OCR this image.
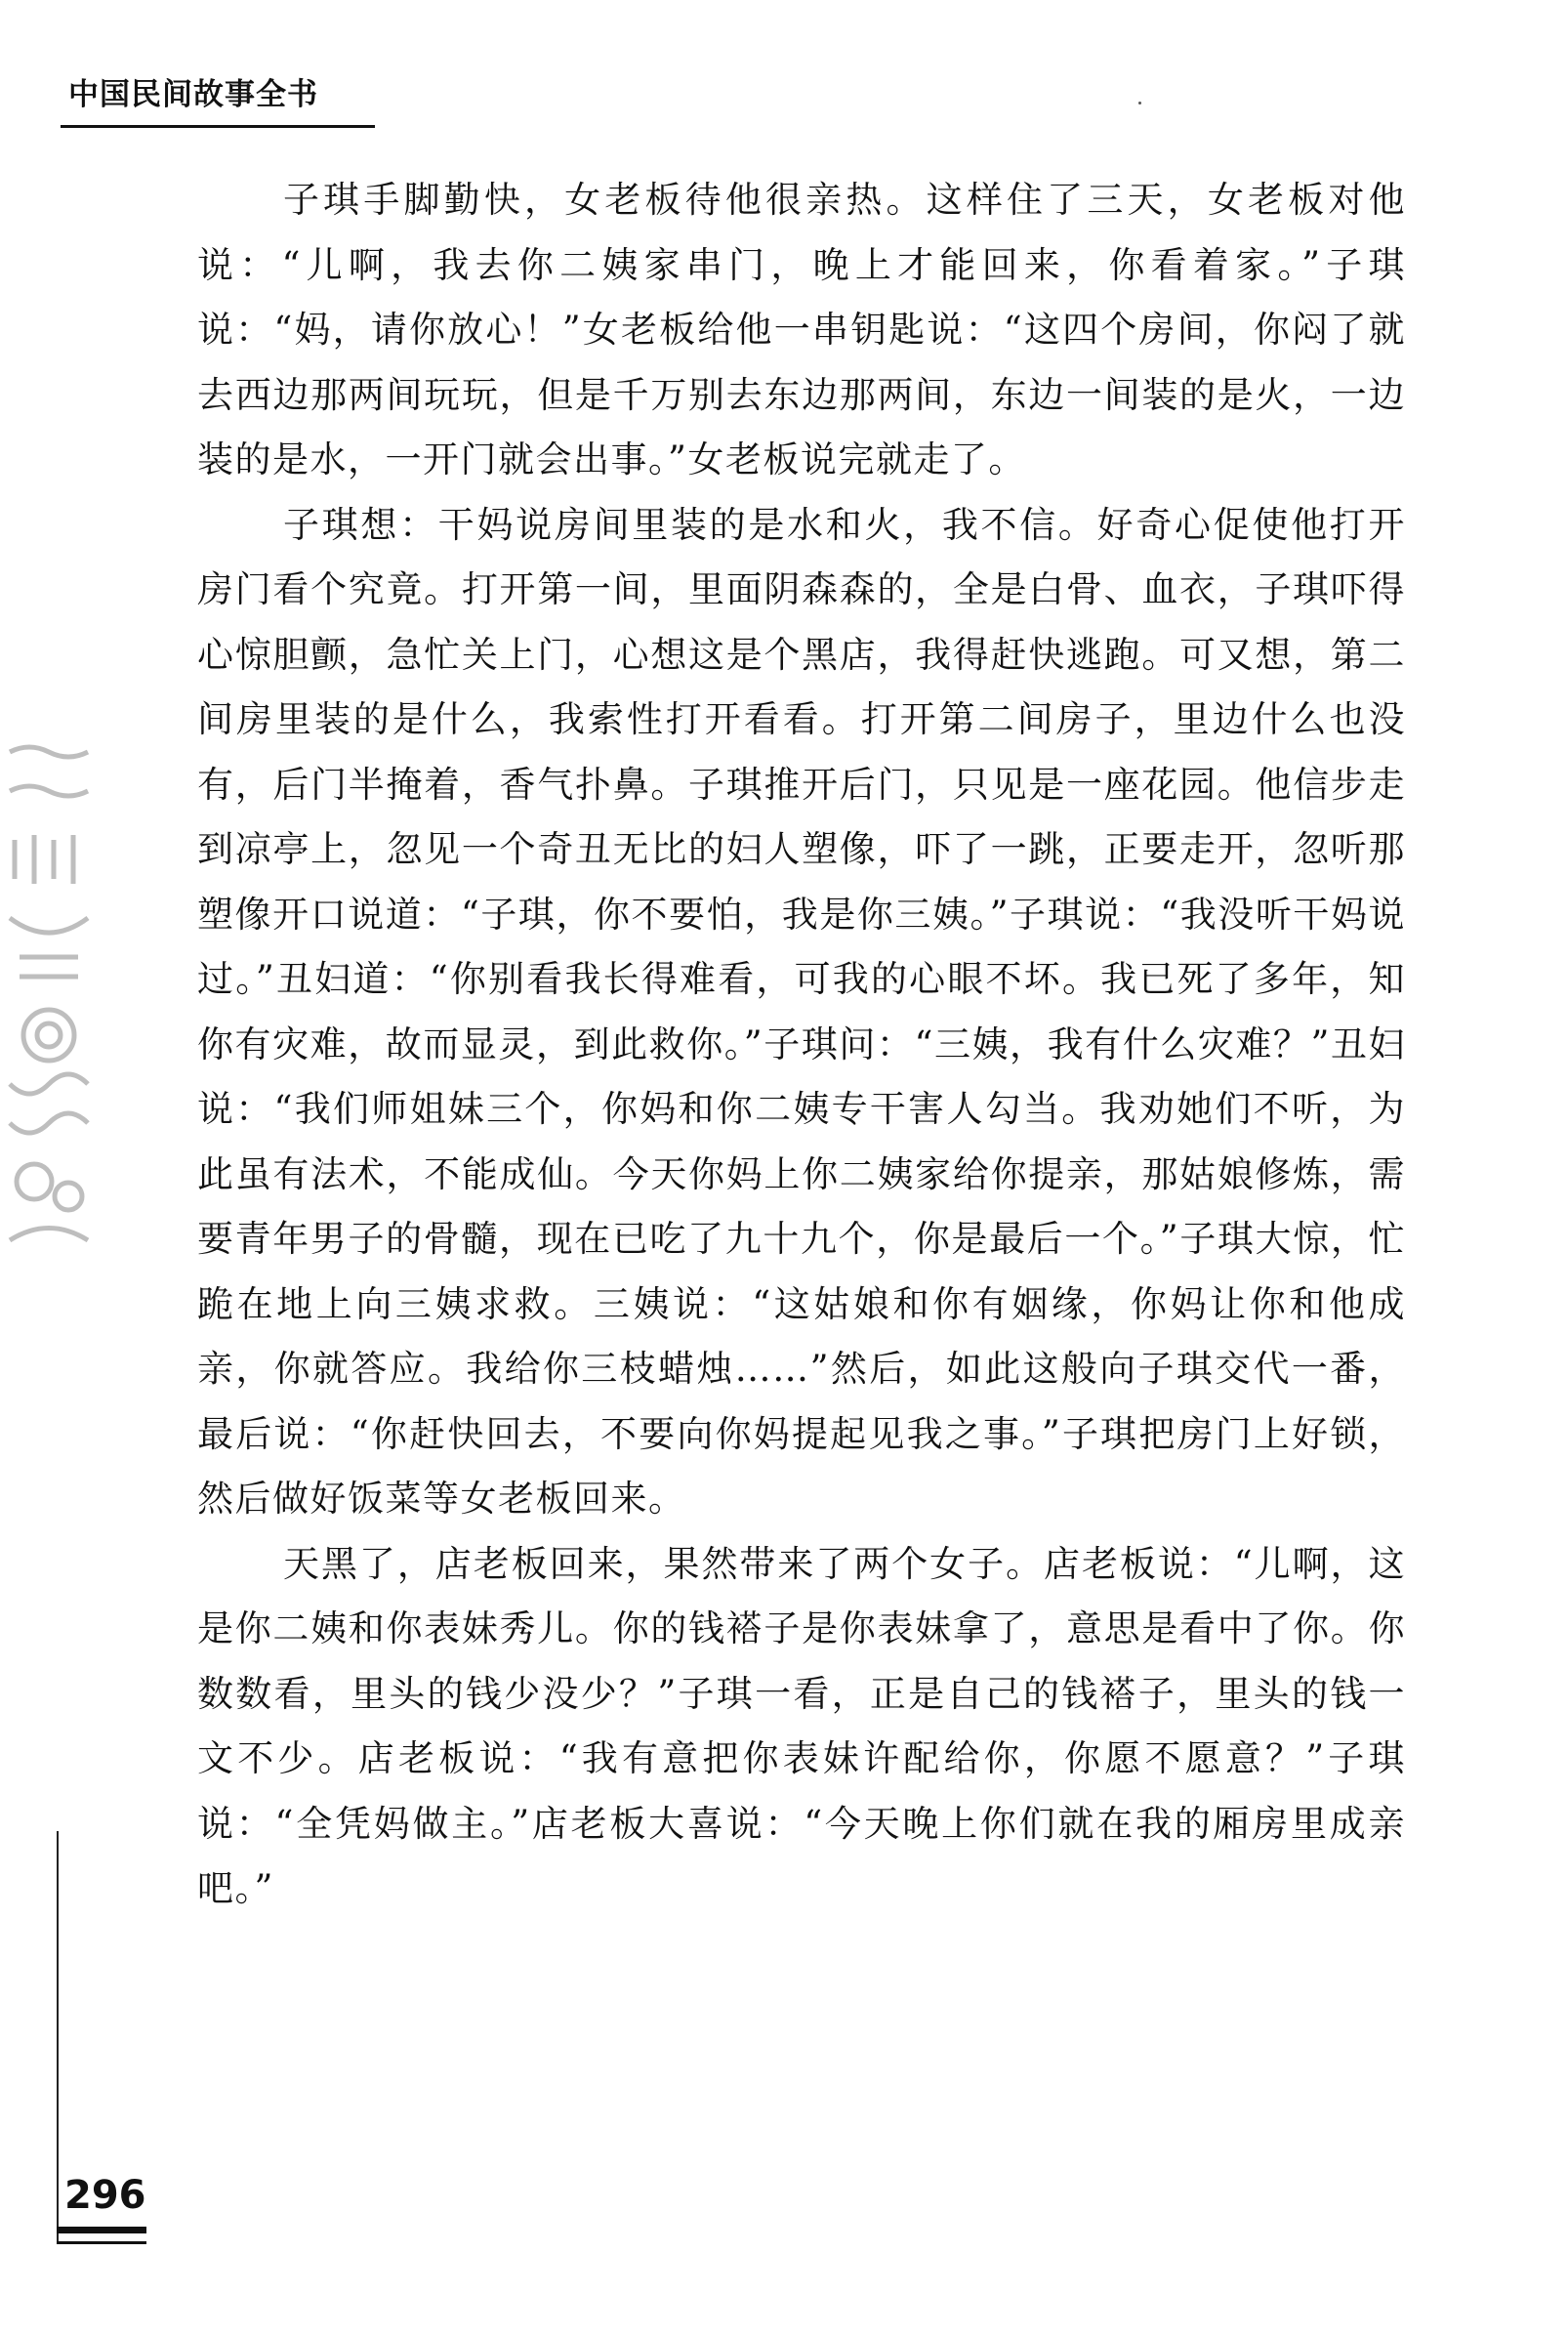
中国民间故事全书

子琪手脚勤快，女老板待他很亲热。这样住了三天，女老板对他说：“儿啊，我去你二姨家串门，晚上才能回来，你看着家。”子琪说：“妈，请你放心！”女老板给他一串钥匙说：“这四个房间，你闷了就去西边那两间玩玩，但是千万别去东边那两间，东边一间装的是火，一边装的是水，一开门就会出事。”女老板说完就走了。

子琪想：干妈说房间里装的是水和火，我不信。好奇心促使他打开房门看个究竟。打开第一间，里面阴森森的，全是白骨、血衣，子琪吓得心惊胆颤，急忙关上门，心想这是个黑店，我得赶快逃跑。可又想，第二间房里装的是什么，我索性打开看看。打开第二间房子，里边什么也没有，后门半掩着，香气扑鼻。子琪推开后门，只见是一座花园。他信步走到凉亭上，忽见一个奇丑无比的妇人塑像，吓了一跳，正要走开，忽听那塑像开口说道：“子琪，你不要怕，我是你三姨。”子琪说：“我没听干妈说过。”丑妇道：“你别看我长得难看，可我的心眼不坏。我已死了多年，知你有灾难，故而显灵，到此救你。”子琪问：“三姨，我有什么灾难？”丑妇说：“我们师姐妹三个，你妈和你二姨专干害人勾当。我劝她们不听，为此虽有法术，不能成仙。今天你妈上你二姨家给你提亲，那姑娘修炼，需要青年男子的骨髓，现在已吃了九十九个，你是最后一个。”子琪大惊，忙跪在地上向三姨求救。三姨说：“这姑娘和你有姻缘，你妈让你和他成亲，你就答应。我给你三枝蜡烛……”然后，如此这般向子琪交代一番，最后说：“你赶快回去，不要向你妈提起见我之事。”子琪把房门上好锁，然后做好饭菜等女老板回来。

天黑了，店老板回来，果然带来了两个女子。店老板说：“儿啊，这是你二姨和你表妹秀儿。你的钱褡子是你表妹拿了，意思是看中了你。你数数看，里头的钱少没少？”子琪一看，正是自己的钱褡子，里头的钱一文不少。店老板说：“我有意把你表妹许配给你，你愿不愿意？”子琪说：“全凭妈做主。”店老板大喜说：“今天晚上你们就在我的厢房里成亲吧。”

296
